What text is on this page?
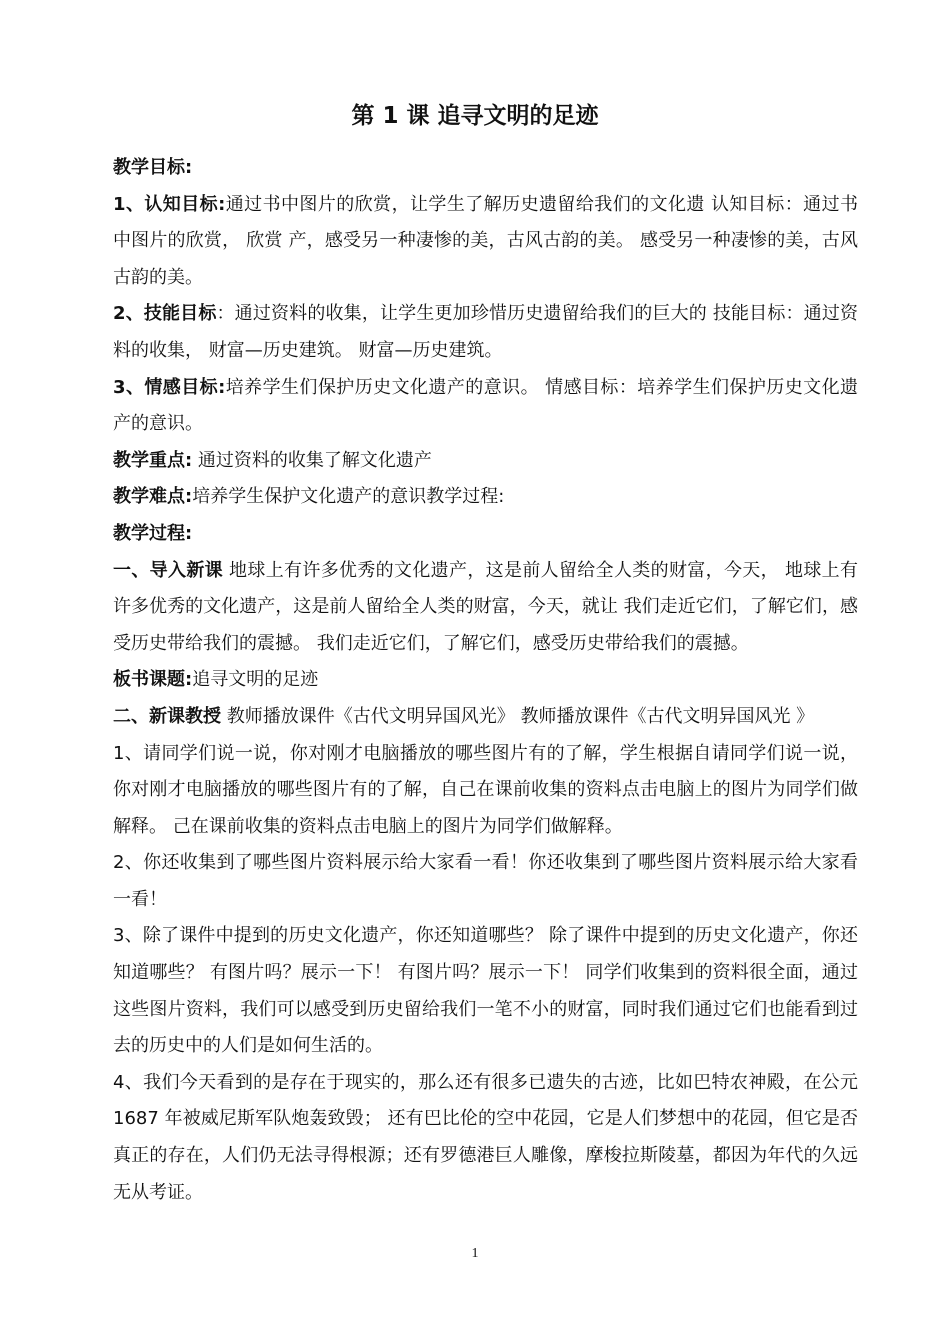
第 1 课 追寻文明的足迹

教学目标:

1、认知目标:通过书中图片的欣赏，让学生了解历史遗留给我们的文化遗 认知目标：通过书中图片的欣赏， 欣赏 产，感受另一种凄惨的美，古风古韵的美。 感受另一种凄惨的美，古风古韵的美。

2、技能目标：通过资料的收集，让学生更加珍惜历史遗留给我们的巨大的 技能目标：通过资料的收集， 财富—历史建筑。 财富—历史建筑。

3、情感目标:培养学生们保护历史文化遗产的意识。 情感目标：培养学生们保护历史文化遗产的意识。

教学重点: 通过资料的收集了解文化遗产

教学难点:培养学生保护文化遗产的意识教学过程:

教学过程:

一、导入新课 地球上有许多优秀的文化遗产，这是前人留给全人类的财富，今天， 地球上有许多优秀的文化遗产，这是前人留给全人类的财富，今天，就让 我们走近它们，了解它们，感受历史带给我们的震撼。 我们走近它们，了解它们，感受历史带给我们的震撼。

板书课题:追寻文明的足迹

二、新课教授 教师播放课件《古代文明异国风光》 教师播放课件《古代文明异国风光 》

1、请同学们说一说，你对刚才电脑播放的哪些图片有的了解，学生根据自请同学们说一说，你对刚才电脑播放的哪些图片有的了解，自己在课前收集的资料点击电脑上的图片为同学们做解释。 己在课前收集的资料点击电脑上的图片为同学们做解释。

2、你还收集到了哪些图片资料展示给大家看一看！你还收集到了哪些图片资料展示给大家看一看！

3、除了课件中提到的历史文化遗产，你还知道哪些？ 除了课件中提到的历史文化遗产，你还知道哪些？ 有图片吗？展示一下！ 有图片吗？展示一下！ 同学们收集到的资料很全面，通过这些图片资料，我们可以感受到历史留给我们一笔不小的财富，同时我们通过它们也能看到过去的历史中的人们是如何生活的。

4、我们今天看到的是存在于现实的，那么还有很多已遗失的古迹，比如巴特农神殿，在公元 1687 年被威尼斯军队炮轰致毁； 还有巴比伦的空中花园，它是人们梦想中的花园，但它是否真正的存在，人们仍无法寻得根源；还有罗德港巨人雕像，摩梭拉斯陵墓，都因为年代的久远无从考证。

1
